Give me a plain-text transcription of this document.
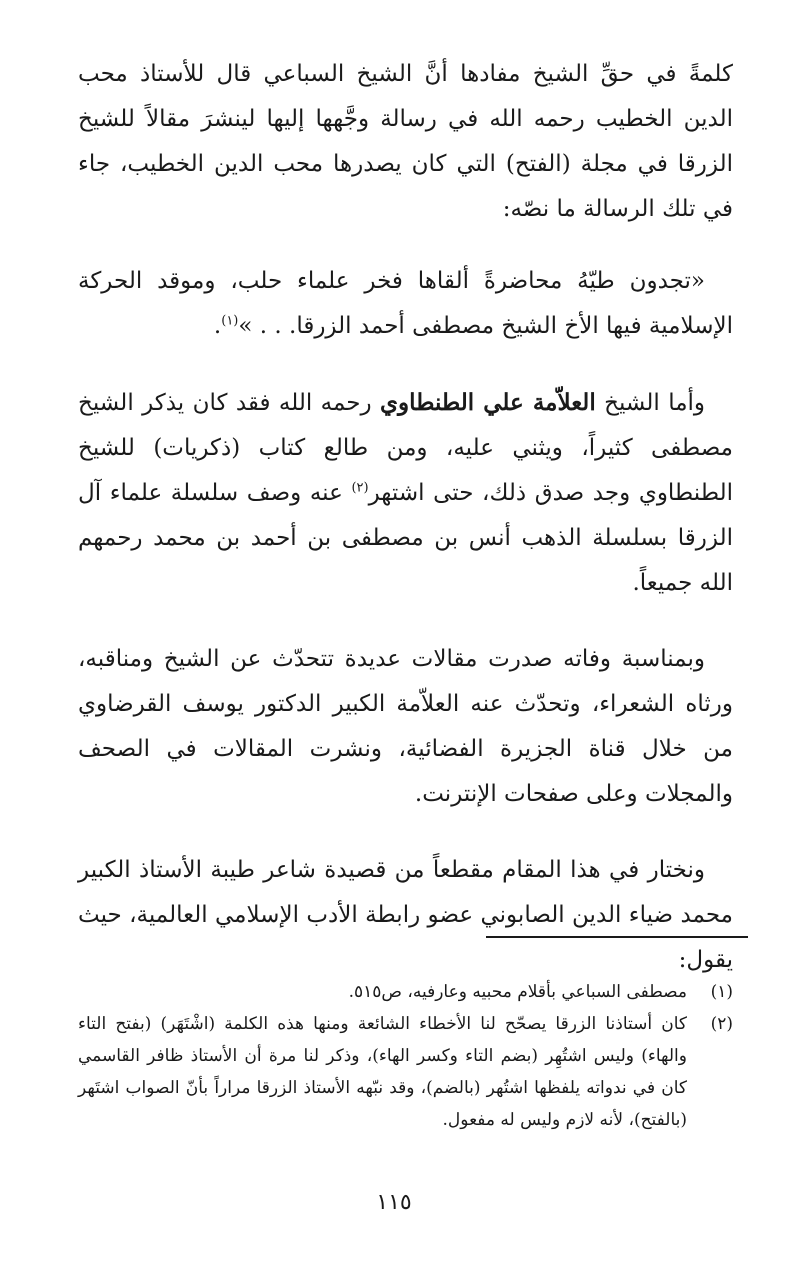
كلمةً في حقِّ الشيخ مفادها أنَّ الشيخ السباعي قال للأستاذ محب الدين الخطيب رحمه الله في رسالة وجَّهها إليها لينشرَ مقالاً للشيخ الزرقا في مجلة (الفتح) التي كان يصدرها محب الدين الخطيب، جاء في تلك الرسالة ما نصّه:

«تجدون طيّهُ محاضرةً ألقاها فخر علماء حلب، وموقد الحركة الإسلامية فيها الأخ الشيخ مصطفى أحمد الزرقا. . . »$^{(١)}$.

وأما الشيخ العلاّمة علي الطنطاوي رحمه الله فقد كان يذكر الشيخ مصطفى كثيراً، ويثني عليه، ومن طالع كتاب (ذكريات) للشيخ الطنطاوي وجد صدق ذلك، حتى اشتهر$^{(٢)}$ عنه وصف سلسلة علماء آل الزرقا بسلسلة الذهب أنس بن مصطفى بن أحمد بن محمد رحمهم الله جميعاً.

وبمناسبة وفاته صدرت مقالات عديدة تتحدّث عن الشيخ ومناقبه، ورثاه الشعراء، وتحدّث عنه العلاّمة الكبير الدكتور يوسف القرضاوي من خلال قناة الجزيرة الفضائية، ونشرت المقالات في الصحف والمجلات وعلى صفحات الإنترنت.

ونختار في هذا المقام مقطعاً من قصيدة شاعر طيبة الأستاذ الكبير محمد ضياء الدين الصابوني عضو رابطة الأدب الإسلامي العالمية، حيث يقول:

(١)
مصطفى السباعي بأقلام محبيه وعارفيه، ص٥١٥.
(٢)
كان أستاذنا الزرقا يصحّح لنا الأخطاء الشائعة ومنها هذه الكلمة (اشْتَهَر) (بفتح التاء والهاء) وليس اشتُهِر (بضم التاء وكسر الهاء)، وذكر لنا مرة أن الأستاذ ظافر القاسمي كان في ندواته يلفظها اشتُهر (بالضم)، وقد نبّهه الأستاذ الزرقا مراراً بأنّ الصواب اشتَهر (بالفتح)، لأنه لازم وليس له مفعول.
١١٥
